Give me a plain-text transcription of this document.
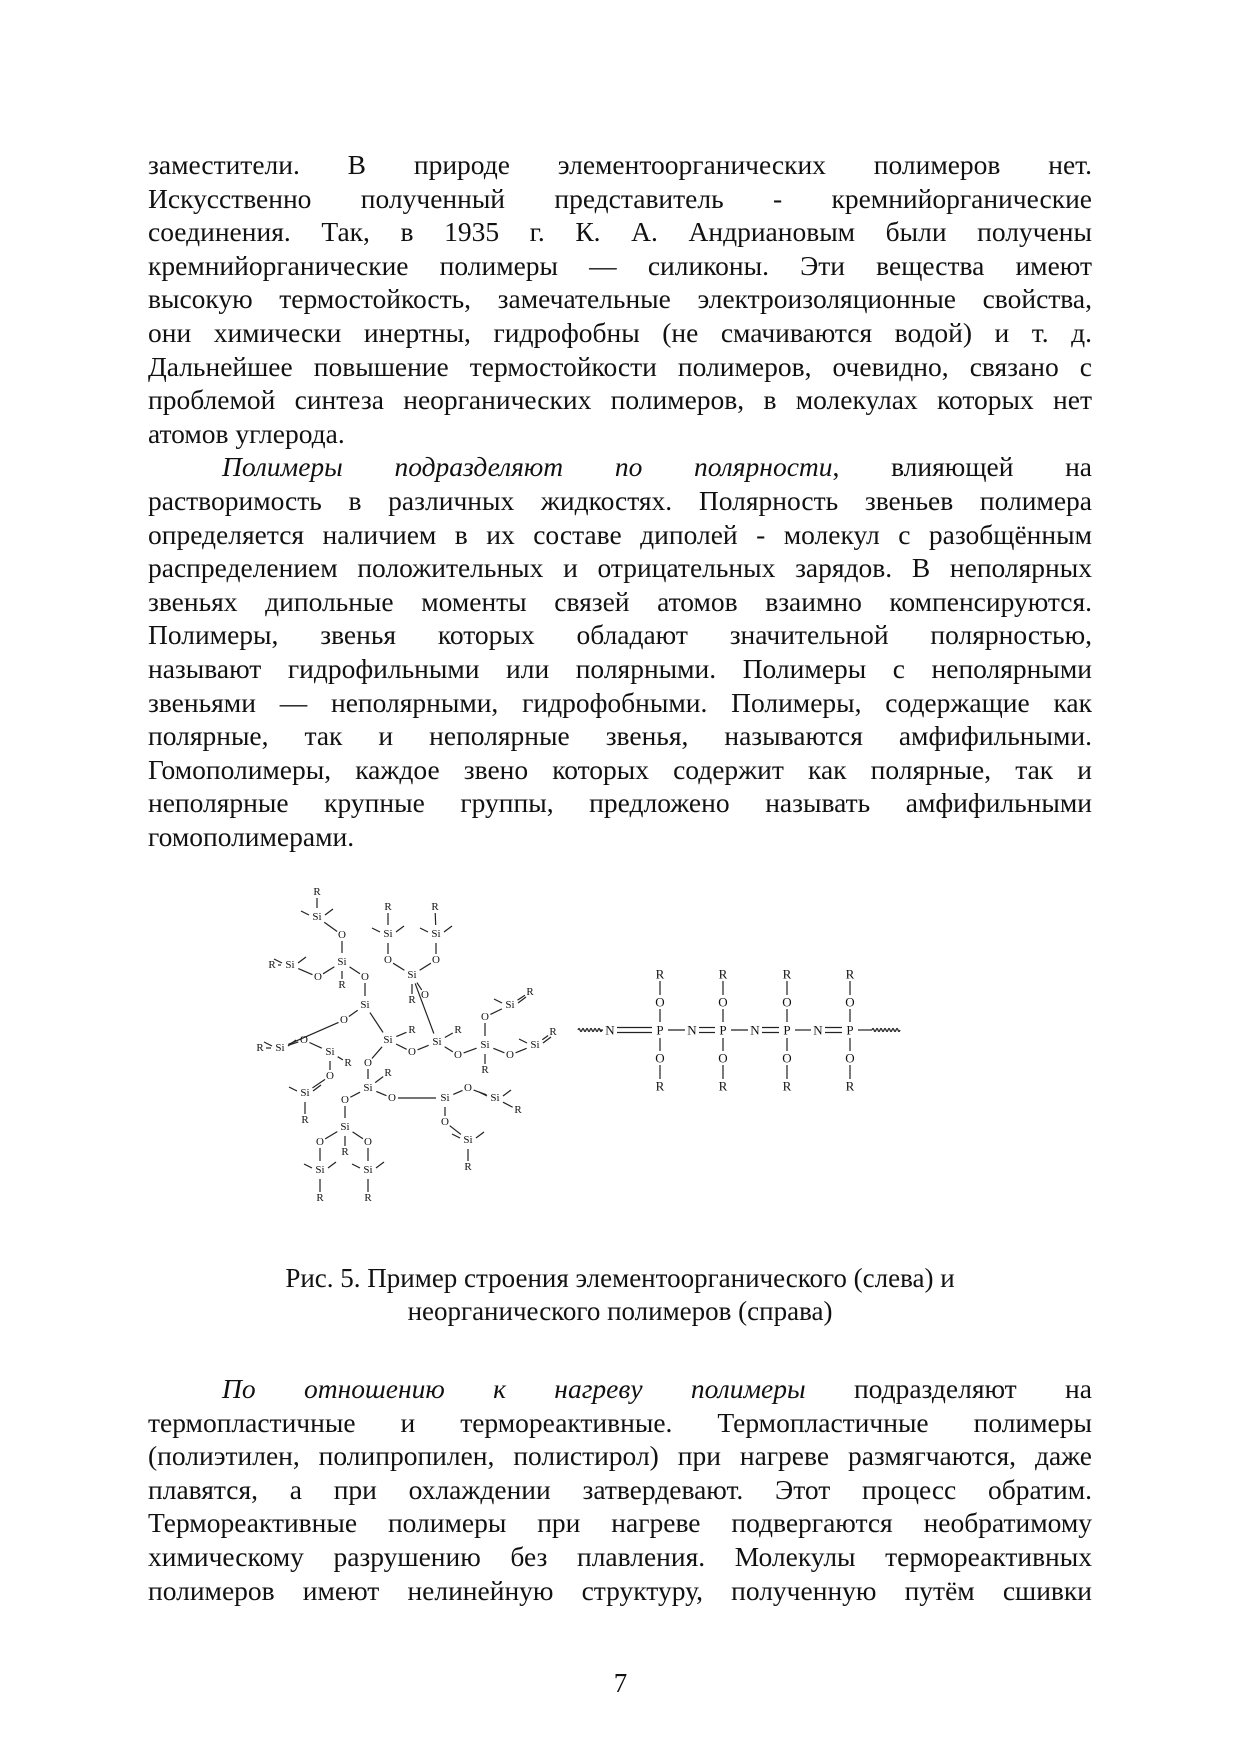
заместители. В природе элементоорганических полимеров нет.

Искусственно полученный представитель - кремнийорганические

соединения. Так, в 1935 г. К. А. Андриановым были получены

кремнийорганические полимеры — силиконы. Эти вещества имеют

высокую термостойкость, замечательные электроизоляционные свойства,

они химически инертны, гидрофобны (не смачиваются водой) и т. д.

Дальнейшее повышение термостойкости полимеров, очевидно, связано с

проблемой синтеза неорганических полимеров, в молекулах которых нет

атомов углерода.

Полимеры подразделяют по полярности, влияющей на

растворимость в различных жидкостях. Полярность звеньев полимера

определяется наличием в их составе диполей - молекул с разобщённым

распределением положительных и отрицательных зарядов. В неполярных

звеньях дипольные моменты связей атомов взаимно компенсируются.

Полимеры, звенья которых обладают значительной полярностью,

называют гидрофильными или полярными. Полимеры с неполярными

звеньями — неполярными, гидрофобными. Полимеры, содержащие как

полярные, так и неполярные звенья, называются амфифильными.

Гомополимеры, каждое звено которых содержит как полярные, так и

неполярные крупные группы, предложено называть амфифильными

гомополимерами.

R
Si
O
Si
R
O
Si
R
O
Si
O
R
Si
O
R
Si
O
Si
R O
Si
R
O
Si
R
O
Si
R
O
Si
R
O
Si
R
Si
R
O
Si
R
O
Si
R
O
Si
R
O
Si
R
O	Si
O
Si
R
O
Si
R
O
Si
R
O
Si
R
N	P N
O
R
O
R
P N
O
R
O
R
P N
O
R
O
R
P
O
R
O
R
Рис. 5. Пример строения элементоорганического (слева) и
неорганического полимеров (справа)

По отношению к нагреву полимеры подразделяют на

термопластичные и термореактивные. Термопластичные полимеры

(полиэтилен, полипропилен, полистирол) при нагреве размягчаются, даже

плавятся, а при охлаждении затвердевают. Этот процесс обратим.

Термореактивные полимеры при нагреве подвергаются необратимому

химическому разрушению без плавления. Молекулы термореактивных

полимеров имеют нелинейную структуру, полученную путём сшивки

7
